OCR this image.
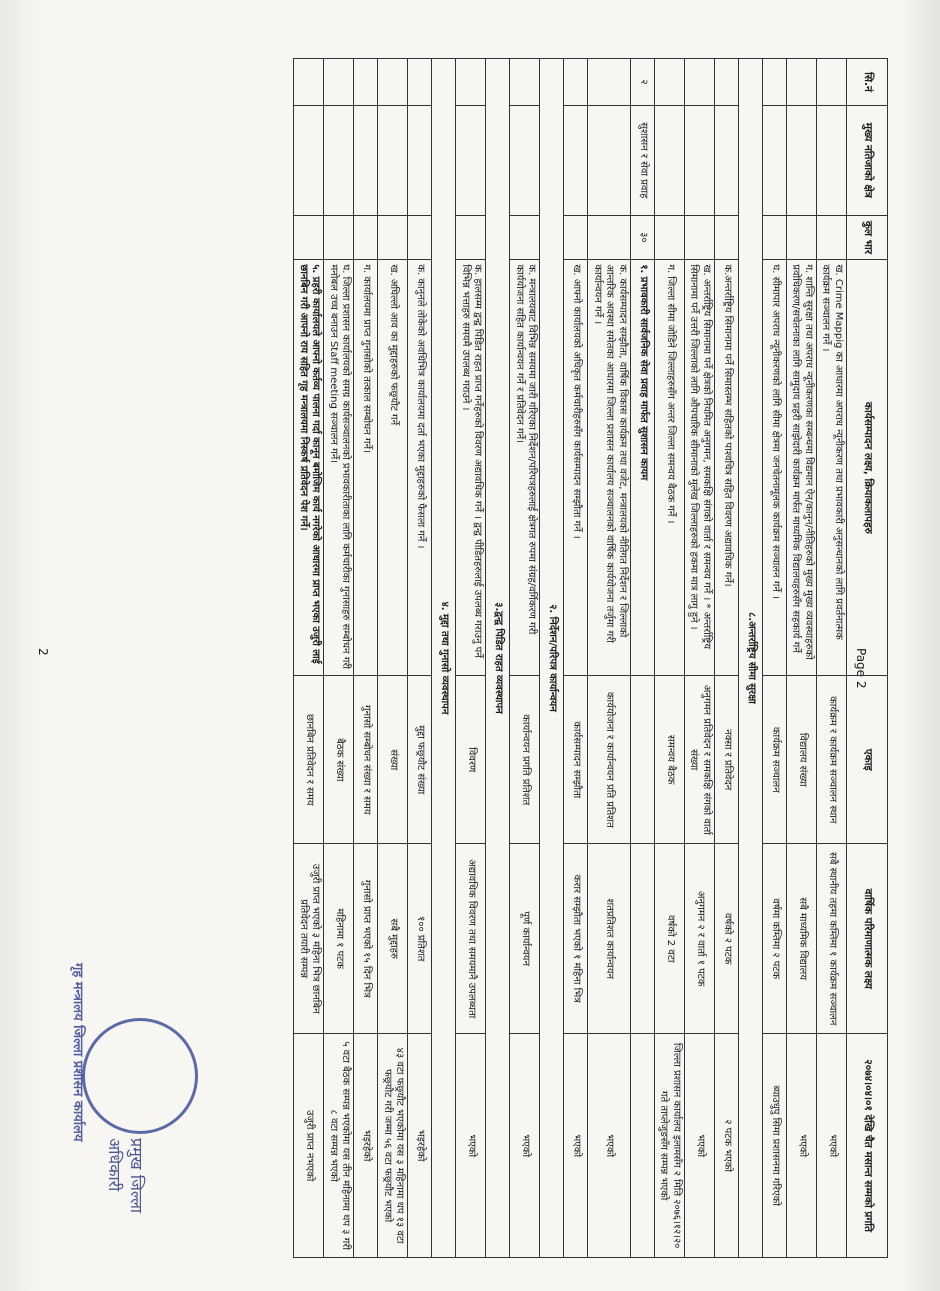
2	Page 2
सि.नं	मुख्य नतिजाको क्षेत्र	कुल भार	कार्यसम्पादन लक्ष्य, क्रियाकलापहरु	एकाइ	वार्षिक परिमाणात्मक लक्ष्य	२०७४।०४।०१ देखि चैत मसान्त सम्मको प्रगति
			ख. Crime Mappig का आधारमा अपराध न्यूनीकरण तथा प्रभावकारी अनुसन्धानको लागि प्रवर्तनात्मक कार्यक्रम सञ्चालन गर्ने ।	कार्यक्रम र कार्यक्रम सञ्चालन स्थान	सबै स्थानीय तहमा कम्तिमा १ कार्यक्रम सञ्चालन	भएको
			ग. शान्ति सुरक्षा तथा अपराध न्यूनीकरणका सम्बन्धमा विद्यमान ऐन/कानुन/नीतिहरुको मुख्य मुख्य व्यवस्थाहरुको प्रवोधिकरण/सचेतनाका लागि सामुदाय प्रहरी साझेदारी कार्यक्रम मार्फत माध्यमिक विद्यालयहरुसँग सहकार्य गर्ने	विद्यालय संख्या	सबै माध्यमिक विद्यालय	भएको
			घ. सीमापार अपराध न्यूनीकरणको लागि सीमा क्षेत्रमा जनचेतनामूलक कार्यक्रम सञ्चालन गर्ने ।	कार्यक्रम सञ्चालन	वर्षमा कम्तिमा २ पटक	ब्याउधुपु सिमा प्रशासनमा गरिएको
८.अन्तर्राष्ट्रिय सीमा सुरक्षा						
			क.अन्तर्राष्ट्रिय सिमानामा पर्ने सिमास्तम्भ सहितको पाश्वचित्र सहित विवरण अद्यावधिक गर्ने।	नक्सा र प्रतिवेदन	वर्षको २ पटक	२ पटक भएको
			ख. अन्तर्राष्ट्रिय सिमानामा पर्ने क्षेत्रको नियमित अनुगमन, समकक्षि संगको वार्ता र समन्वय गर्ने । * अन्तर्राष्ट्रिय सिमानामा पर्ने उत्तरी जिल्लाको लागि औपचारिक सीमानाको मुलेख जिल्लाहरुको हकमा मात्र लागु हुने ।	अनुगमन प्रतिवेदन र समकक्षि संगको वार्ता संख्या	अनुगमन २ र वार्ता १ पटक	भएको
			ग. जिल्ला सीमा जोडिने जिल्लाहरुसँग अन्तर जिल्ला समन्वय बैठक गर्ने ।	समन्वय बैठक	वर्षको 2 वटा	जिल्ला प्रशासन कार्यालय इलामसँग २ मिति २०७६।१२।२० गते ताप्लेजुङसँग सम्पन्न भएको
२	सुशासन र सेवा प्रवाह	३०	१. प्रभावकारी सार्वजनिक सेवा प्रवाह मार्फत सुशासन कायम			
			क. कार्यसम्पादन सम्झौता, वार्षिक विकास कार्यक्रम तथा वजेट, मन्त्रालयको नीतिगत निर्देशन र जिल्लाको आन्तरिक अवस्था समेतका आधारमा जिल्ला प्रशासन कार्यालय सञ्चालनको वार्षिक कार्ययोजना तर्जुमा गरी कार्यान्वयन गर्ने ।	कार्ययोजना र कार्यान्वयन प्रति प्रतिशत	शतप्रतिशत कार्यान्वयन	भएको
			ख. आफ्नो कार्यालयको अधिकृत कर्मचारीहरुसँग कार्यसम्पादन सम्झौता गर्ने ।	कार्यसम्पादन सम्झौता	करार सम्झौता भएको १ महिना भित्र	भएको
२. निर्देशन/परिपत्र कार्यान्वयन						
			क. मन्त्रालयबाट विभिन्न समयमा जारी गरिएका निर्देशन/परिपत्रहरुलाई क्षेत्रगत रुपमा संग्रह/वर्गिकरण गरी कार्ययोजना सहित कार्यान्वयन गर्ने र प्रतिवेदन गर्ने।	कार्यान्वयन प्रगति प्रतिशत	पूर्ण कार्यान्वयन	भएको
३.द्वन्द्व पिडित राहत व्यवस्थापन						
			क. हालसम्म द्वन्द्व पिडित राहत प्राप्त गर्नेहरुको विवरण अद्यावधिक गर्ने । द्वन्द्व पीडितहरुलाई उपलब्ध गराउनु पर्ने विभिन्न भत्ताहरु समयमै उपलब्ध गराउने ।	विवरण	अद्यावधिक विवरण तथा समयमानै उपलब्धता	भएको
४. मुद्दा तथा गुनासो व्यवस्थापन						
			क. कानुनले तोकेको अवधिभित्र कार्यालयमा दर्ता भएका मुद्दाहरुको फैसला गर्ने ।	मुद्दा फछ्र्यौट संख्या	१०० प्रतिशत	भइरहेको
			ख. अघिल्लो आव का मुद्दाहरुको फछ्र्यौट गर्ने	संख्या	सबै मुद्दाहरु	४३ वटा फछ्र्यौट भएकोमा यस ३ महिनामा थप १३ वटा फछ्र्यौट गरी जम्मा ५६ वटा फछ्र्यौट भएको
			ग. कार्यालयमा प्राप्त गुनासोको तत्काल सम्बोधन गर्ने।	गुनासो सम्बोधन संख्या र समय	गुनासो प्राप्त भएको १५ दिन भित्र	भइरहेको
			घ. जिल्ला प्रशासन कार्यालयको समग्र कार्यसञ्चालनको प्रभावकारीताका लागि कर्मचारीका गुनासाहरु सम्बोधन गरी मनोबल उच्च बनाउन Staff meeting सञ्चालन गर्ने।	बैठक संख्या	महिनामा १ पटक	५ वटा बैठक सम्पन्न भएकोमा यस तीन महिनामा थप ३ गरी ८ वटा सम्पन्न भएको
			५. प्रहरी कार्यालयले आफ्नो कर्तव्य पालना गर्दा कानून बमोजिम कार्य नगरेको आधारमा प्राप्त भएका उजुरी लाई छानबिन गरी आफ्नो राय सहित गृह मन्त्रालयमा निस्कर्ष प्रतिवेदन पेश गर्ने।	छानबिन प्रतिवेदन र समय	उजुरी प्राप्त भएको ३ महिना भित्र छानबिन प्रतिवेदन तयारी सम्पन्न	उजुरी प्राप्त नभएको
गृह मन्त्रालय जिल्ला प्रशासन कार्यालय
प्रमुख जिल्ला अधिकारी
